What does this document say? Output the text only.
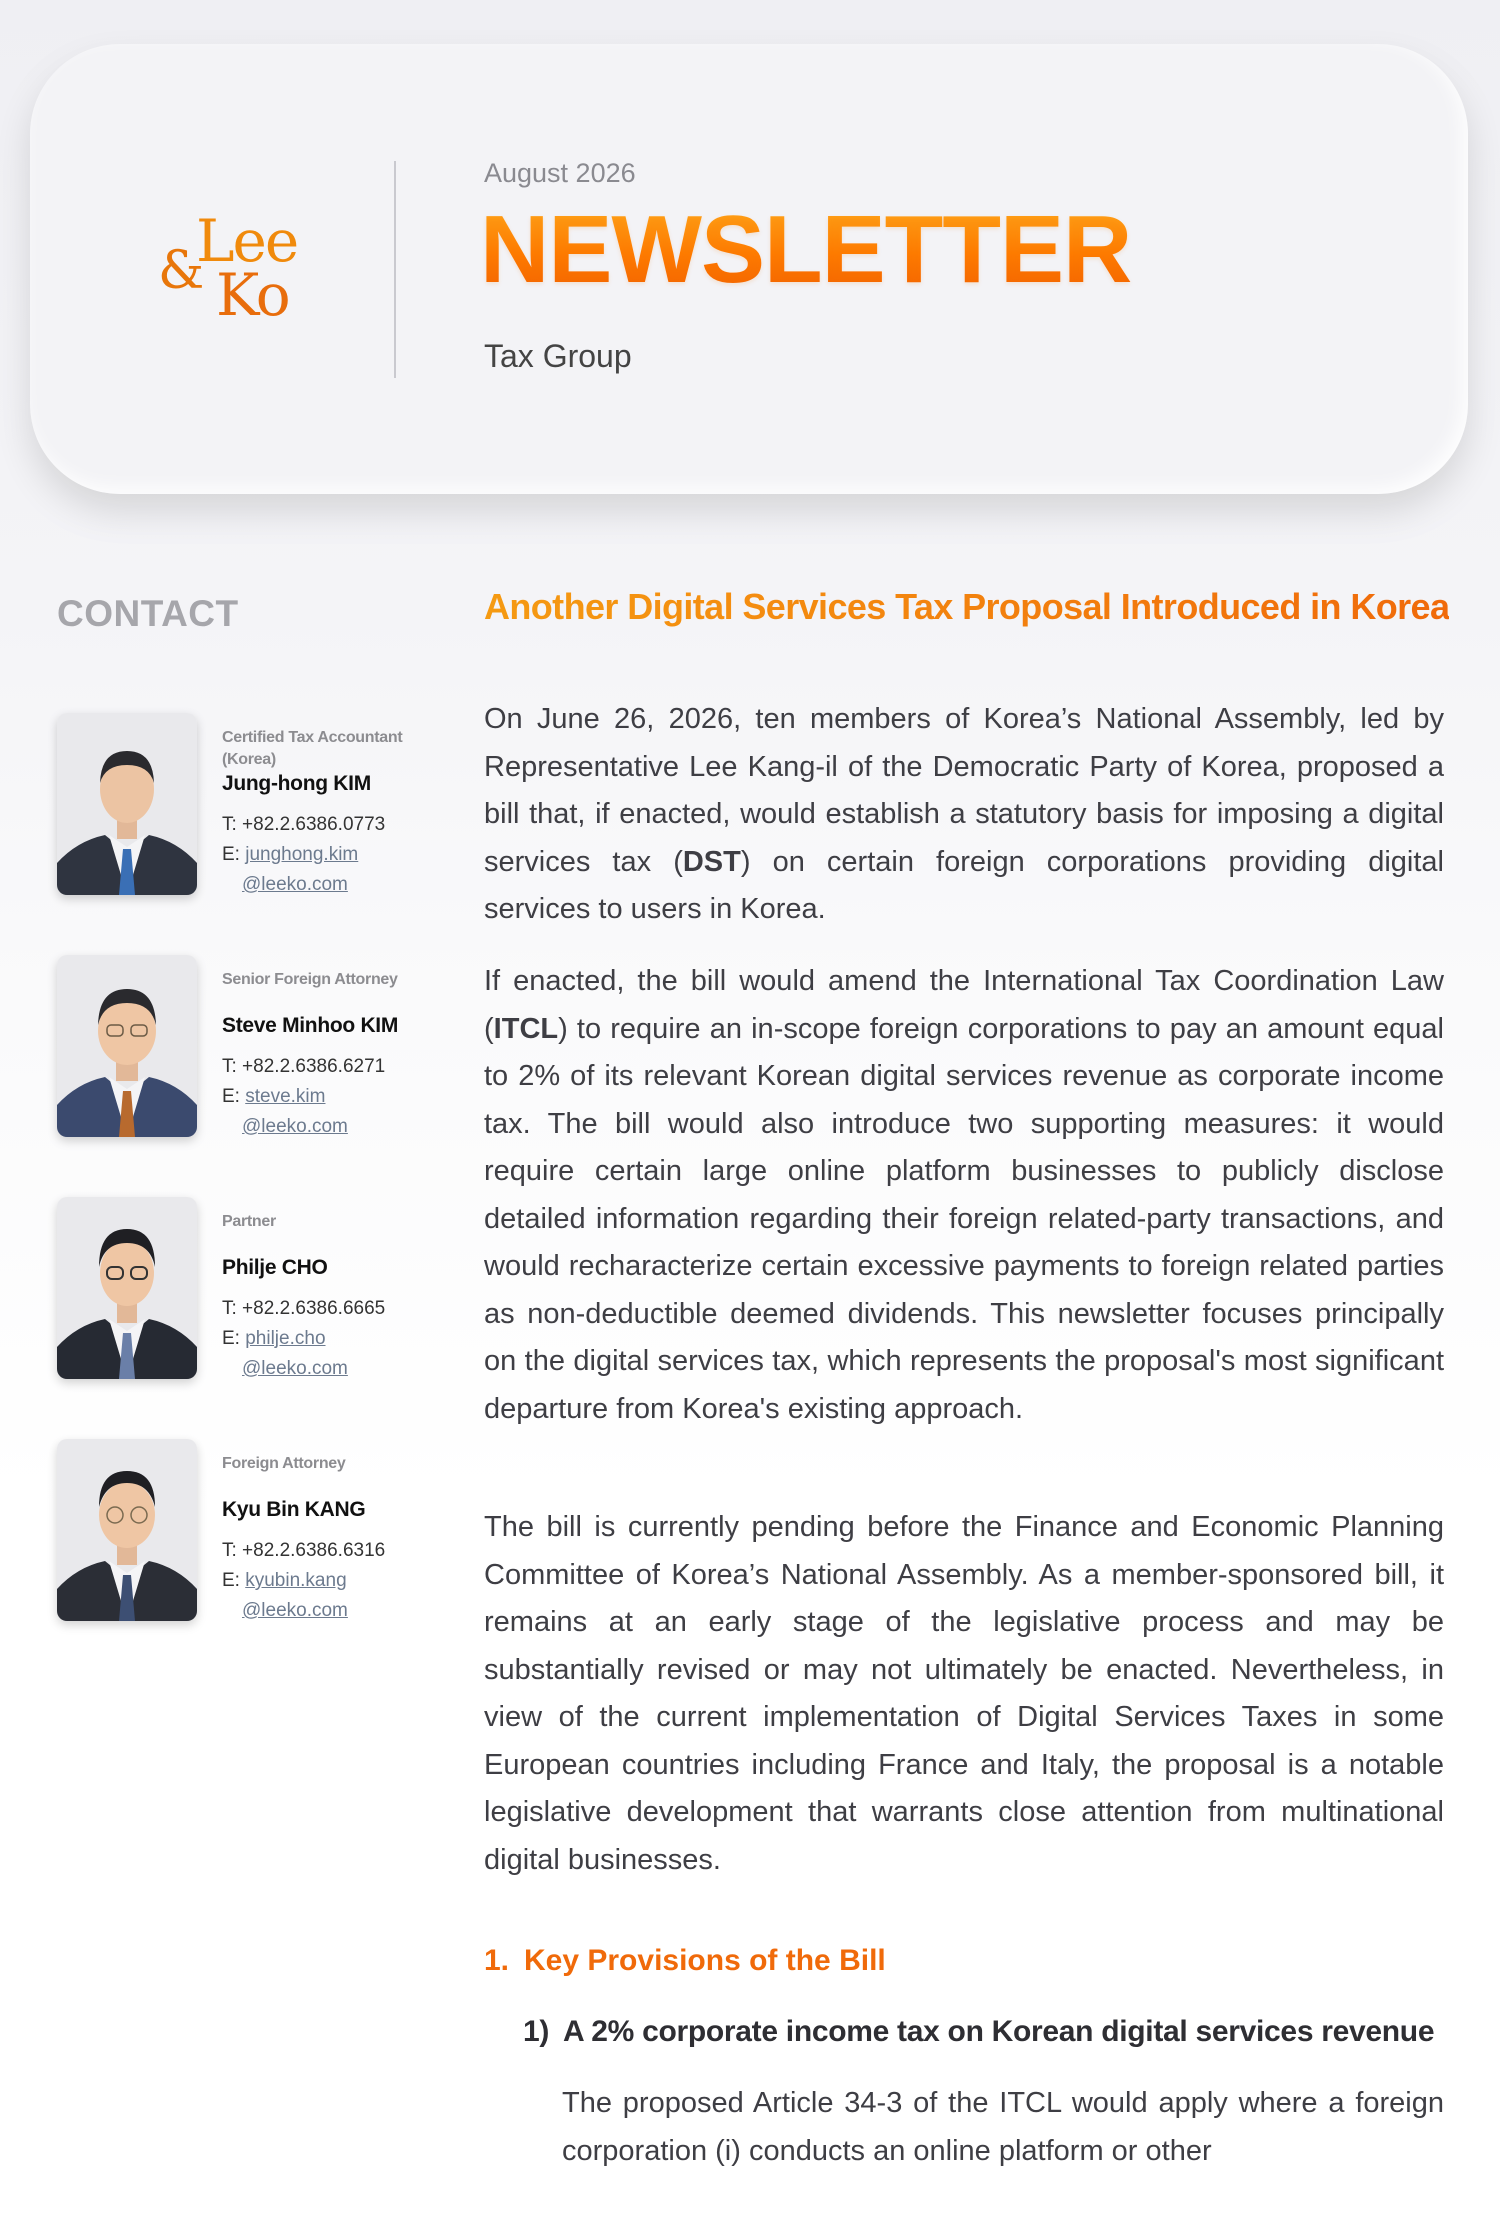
&
Lee
Ko
August 2026
NEWSLETTER
Tax Group
CONTACT
Certified Tax Accountant (Korea)
Jung-hong KIM
T: +82.2.6386.0773
E: junghong.kim
@leeko.com
Senior Foreign Attorney
Steve Minhoo KIM
T: +82.2.6386.6271
E: steve.kim
@leeko.com
Partner
Philje CHO
T: +82.2.6386.6665
E: philje.cho
@leeko.com
Foreign Attorney
Kyu Bin KANG
T: +82.2.6386.6316
E: kyubin.kang
@leeko.com
Another Digital Services Tax Proposal Introduced in Korea
On June 26, 2026, ten members of Korea’s National Assembly, led by Representative Lee Kang-il of the Democratic Party of Korea, proposed a bill that, if enacted, would establish a statutory basis for imposing a digital services tax (DST) on certain foreign corporations providing digital services to users in Korea.
If enacted, the bill would amend the International Tax Coordination Law (ITCL) to require an in-scope foreign corporations to pay an amount equal to 2% of its relevant Korean digital services revenue as corporate income tax. The bill would also introduce two supporting measures: it would require certain large online platform businesses to publicly disclose detailed information regarding their foreign related-party transactions, and would recharacterize certain excessive payments to foreign related parties as non-deductible deemed dividends. This newsletter focuses principally on the digital services tax, which represents the proposal's most significant departure from Korea's existing approach.
The bill is currently pending before the Finance and Economic Planning Committee of Korea’s National Assembly. As a member-sponsored bill, it remains at an early stage of the legislative process and may be substantially revised or may not ultimately be enacted. Nevertheless, in view of the current implementation of Digital Services Taxes in some European countries including France and Italy, the proposal is a notable legislative development that warrants close attention from multinational digital businesses.
1. Key Provisions of the Bill
1) A 2% corporate income tax on Korean digital services revenue
The proposed Article 34-3 of the ITCL would apply where a foreign corporation (i) conducts an online platform or other
